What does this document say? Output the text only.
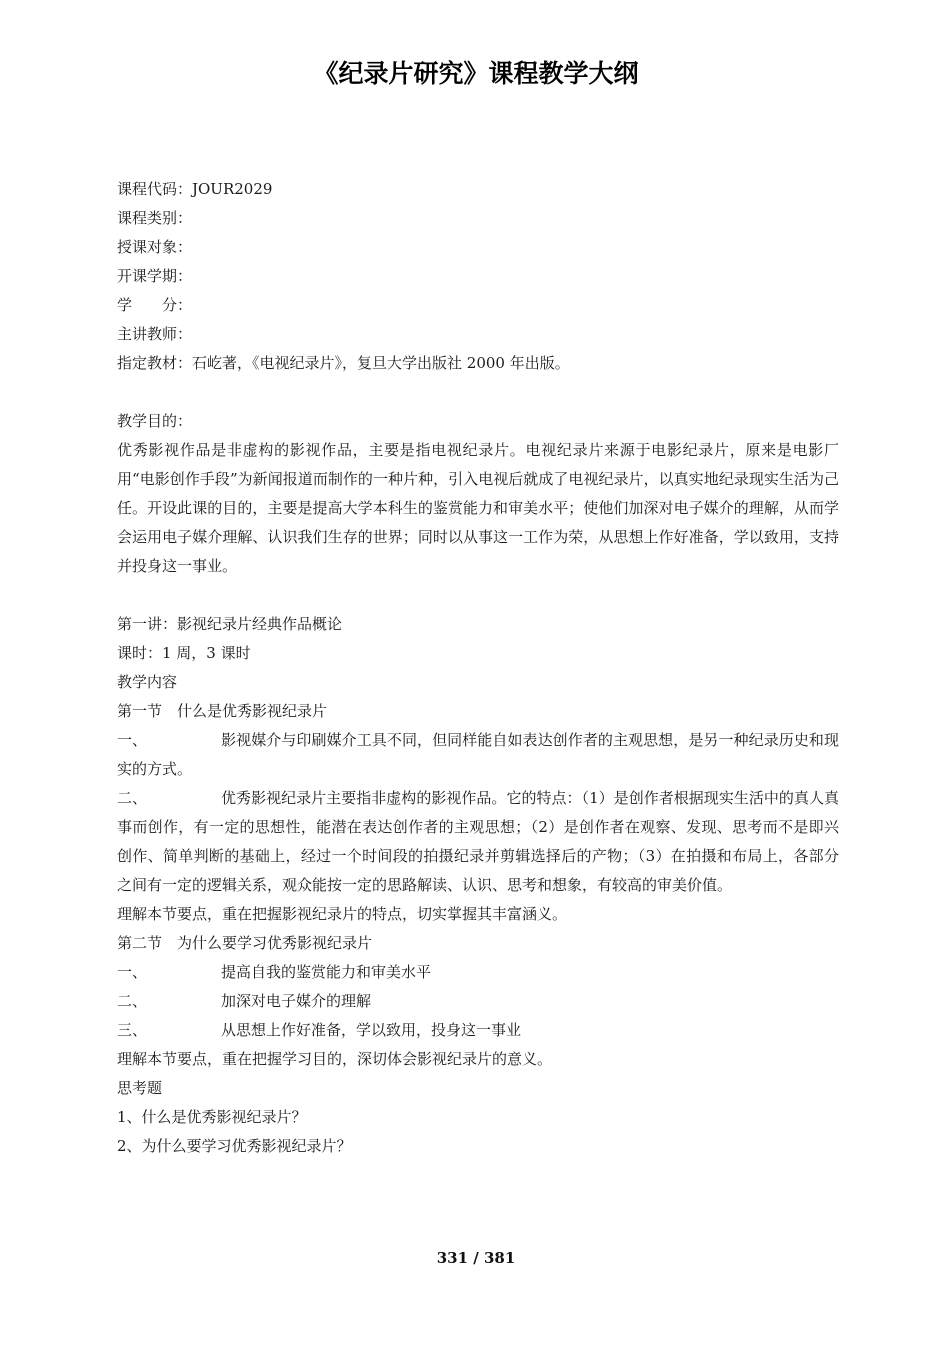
《纪录片研究》课程教学大纲
课程代码：JOUR2029
课程类别：
授课对象：
开课学期：
学　　分：
主讲教师：
指定教材：石屹著，《电视纪录片》，复旦大学出版社 2000 年出版。
教学目的：
优秀影视作品是非虚构的影视作品，主要是指电视纪录片。电视纪录片来源于电影纪录片，原来是电影厂用“电影创作手段”为新闻报道而制作的一种片种，引入电视后就成了电视纪录片，以真实地纪录现实生活为己任。开设此课的目的，主要是提高大学本科生的鉴赏能力和审美水平；使他们加深对电子媒介的理解，从而学会运用电子媒介理解、认识我们生存的世界；同时以从事这一工作为荣，从思想上作好准备，学以致用，支持并投身这一事业。
第一讲：影视纪录片经典作品概论
课时：1 周，3 课时
教学内容
第一节　什么是优秀影视纪录片
一、	影视媒介与印刷媒介工具不同，但同样能自如表达创作者的主观思想，是另一种纪录历史和现实的方式。
二、	优秀影视纪录片主要指非虚构的影视作品。它的特点：（1）是创作者根据现实生活中的真人真事而创作，有一定的思想性，能潜在表达创作者的主观思想；（2）是创作者在观察、发现、思考而不是即兴创作、简单判断的基础上，经过一个时间段的拍摄纪录并剪辑选择后的产物；（3）在拍摄和布局上，各部分之间有一定的逻辑关系，观众能按一定的思路解读、认识、思考和想象，有较高的审美价值。
理解本节要点，重在把握影视纪录片的特点，切实掌握其丰富涵义。
第二节　为什么要学习优秀影视纪录片
一、	提高自我的鉴赏能力和审美水平
二、	加深对电子媒介的理解
三、	从思想上作好准备，学以致用，投身这一事业
理解本节要点，重在把握学习目的，深切体会影视纪录片的意义。
思考题
1、什么是优秀影视纪录片？
2、为什么要学习优秀影视纪录片？
331 / 381
